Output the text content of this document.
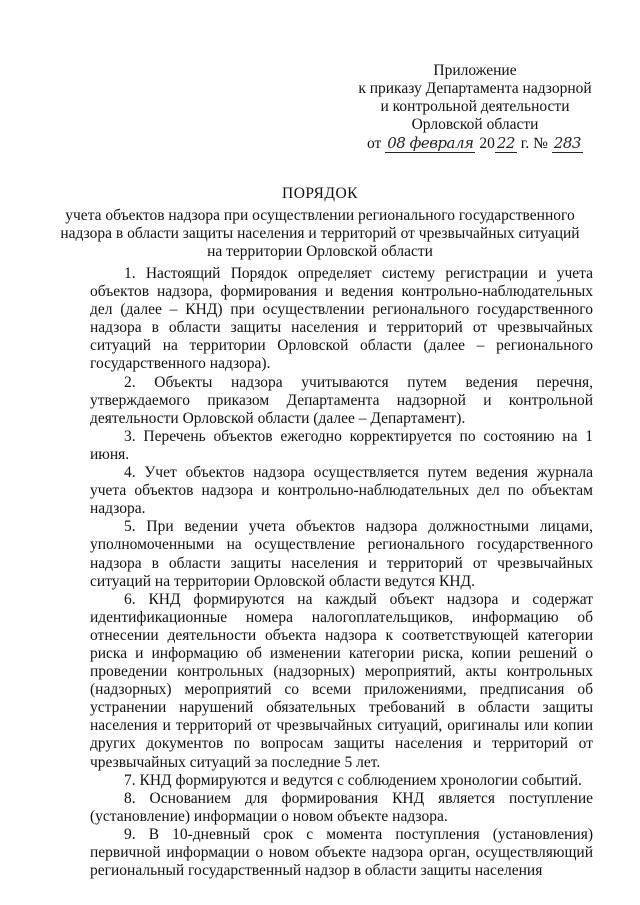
Приложение
к приказу Департамента надзорной
и контрольной деятельности
Орловской области
от 08 февраля 20 22 г. № 283
ПОРЯДОК
учета объектов надзора при осуществлении регионального государственного надзора в области защиты населения и территорий от чрезвычайных ситуаций на территории Орловской области

1. Настоящий Порядок определяет систему регистрации и учета объектов надзора, формирования и ведения контрольно-наблюдательных дел (далее – КНД) при осуществлении регионального государственного надзора в области защиты населения и территорий от чрезвычайных ситуаций на территории Орловской области (далее – регионального государственного надзора).

2. Объекты надзора учитываются путем ведения перечня, утверждаемого приказом Департамента надзорной и контрольной деятельности Орловской области (далее – Департамент).

3. Перечень объектов ежегодно корректируется по состоянию на 1 июня.

4. Учет объектов надзора осуществляется путем ведения журнала учета объектов надзора и контрольно-наблюдательных дел по объектам надзора.

5. При ведении учета объектов надзора должностными лицами, уполномоченными на осуществление регионального государственного надзора в области защиты населения и территорий от чрезвычайных ситуаций на территории Орловской области ведутся КНД.

6. КНД формируются на каждый объект надзора и содержат идентификационные номера налогоплательщиков, информацию об отнесении деятельности объекта надзора к соответствующей категории риска и информацию об изменении категории риска, копии решений о проведении контрольных (надзорных) мероприятий, акты контрольных (надзорных) мероприятий со всеми приложениями, предписания об устранении нарушений обязательных требований в области защиты населения и территорий от чрезвычайных ситуаций, оригиналы или копии других документов по вопросам защиты населения и территорий от чрезвычайных ситуаций за последние 5 лет.

7. КНД формируются и ведутся с соблюдением хронологии событий.

8. Основанием для формирования КНД является поступление (установление) информации о новом объекте надзора.

9. В 10-дневный срок с момента поступления (установления) первичной информации о новом объекте надзора орган, осуществляющий региональный государственный надзор в области защиты населения
